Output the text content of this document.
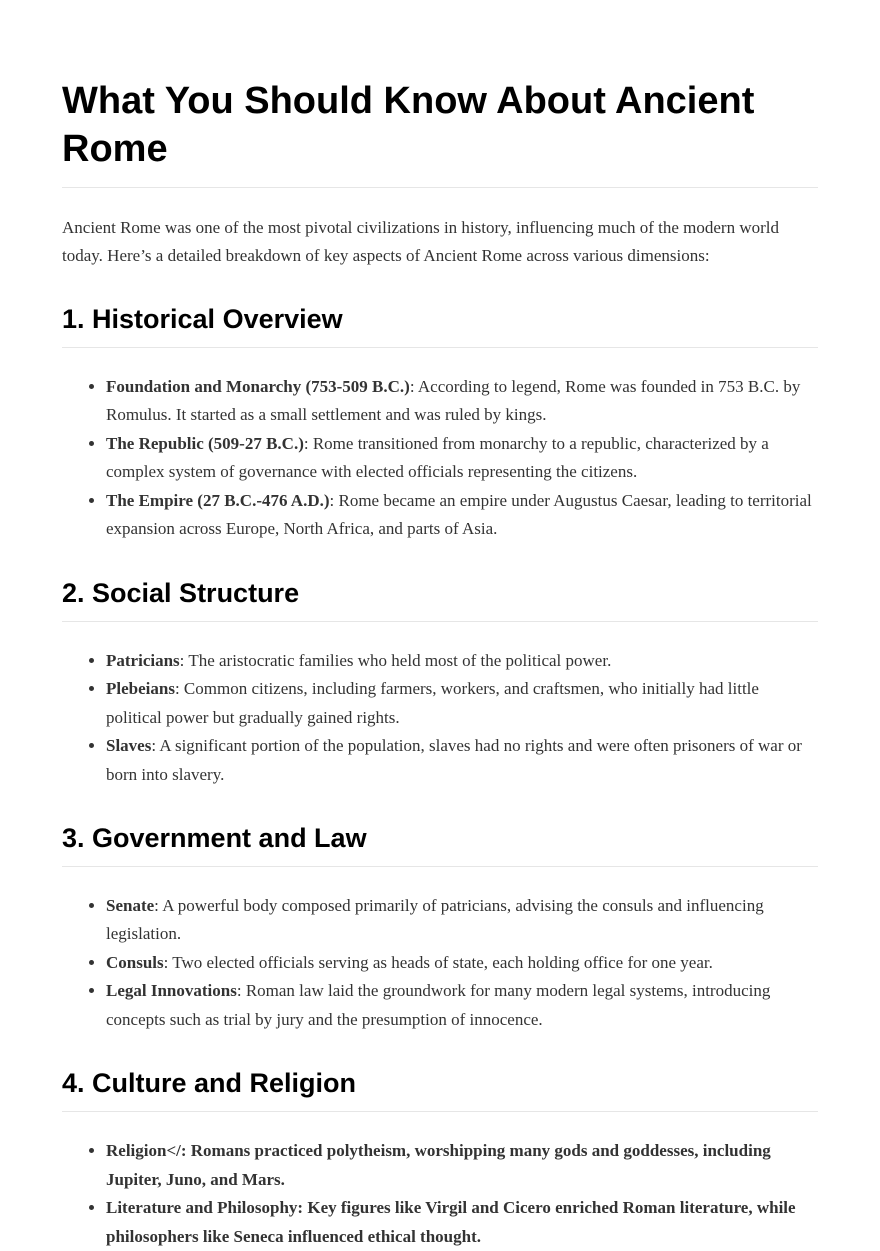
What You Should Know About Ancient Rome

Ancient Rome was one of the most pivotal civilizations in history, influencing much of the modern world today. Here’s a detailed breakdown of key aspects of Ancient Rome across various dimensions:

1. Historical Overview
• Foundation and Monarchy (753-509 B.C.): According to legend, Rome was founded in 753 B.C. by Romulus. It started as a small settlement and was ruled by kings.
• The Republic (509-27 B.C.): Rome transitioned from monarchy to a republic, characterized by a complex system of governance with elected officials representing the citizens.
• The Empire (27 B.C.-476 A.D.): Rome became an empire under Augustus Caesar, leading to territorial expansion across Europe, North Africa, and parts of Asia.
2. Social Structure
• Patricians: The aristocratic families who held most of the political power.
• Plebeians: Common citizens, including farmers, workers, and craftsmen, who initially had little political power but gradually gained rights.
• Slaves: A significant portion of the population, slaves had no rights and were often prisoners of war or born into slavery.
3. Government and Law
• Senate: A powerful body composed primarily of patricians, advising the consuls and influencing legislation.
• Consuls: Two elected officials serving as heads of state, each holding office for one year.
• Legal Innovations: Roman law laid the groundwork for many modern legal systems, introducing concepts such as trial by jury and the presumption of innocence.
4. Culture and Religion
• Religion</: Romans practiced polytheism, worshipping many gods and goddesses, including Jupiter, Juno, and Mars.
• Literature and Philosophy: Key figures like Virgil and Cicero enriched Roman literature, while philosophers like Seneca influenced ethical thought.
